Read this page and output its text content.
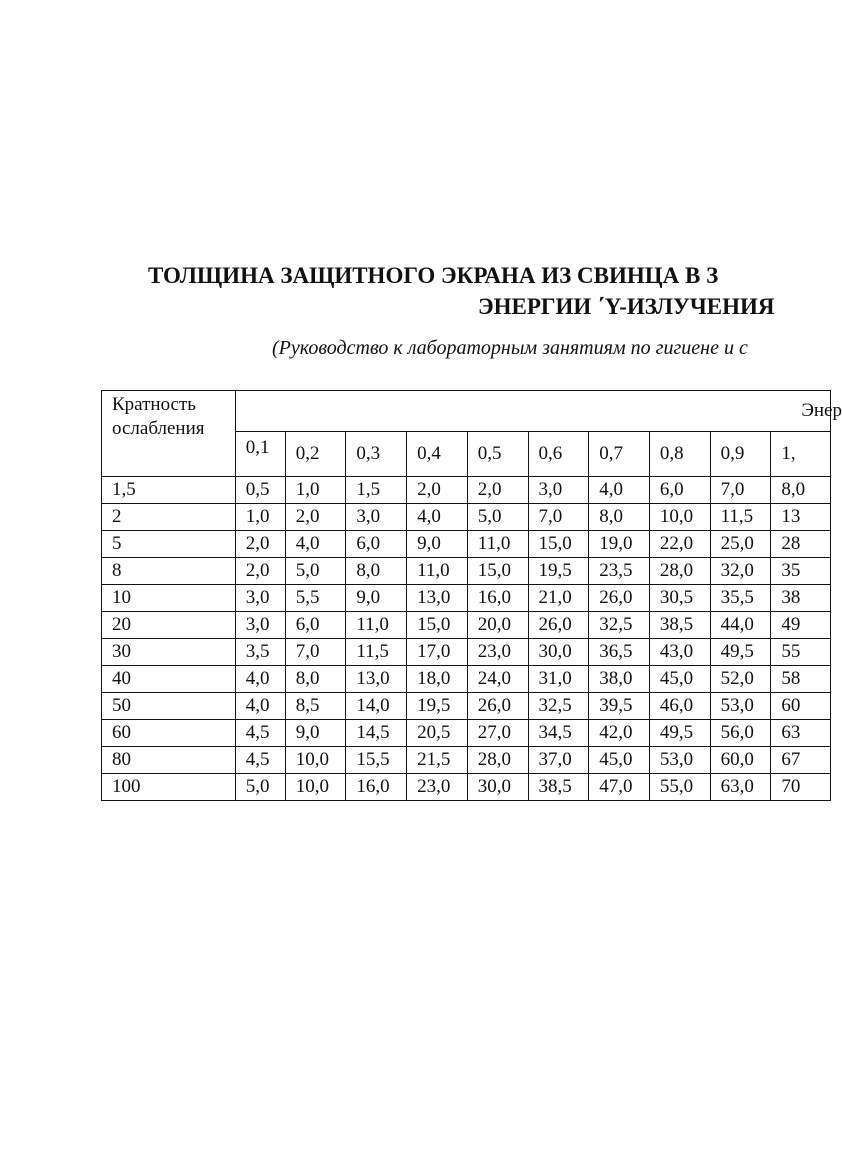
ТОЛЩИНА ЗАЩИТНОГО ЭКРАНА ИЗ СВИНЦА В З
ЭНЕРГИИ ΄Y-ИЗЛУЧЕНИЯ
(Руководство к лабораторным занятиям по гигиене и с
Кратность ослабления	Энер									
	0,1	0,2	0,3	0,4	0,5	0,6	0,7	0,8	0,9	1,
1,5	0,5	1,0	1,5	2,0	2,0	3,0	4,0	6,0	7,0	8,0
2	1,0	2,0	3,0	4,0	5,0	7,0	8,0	10,0	11,5	13
5	2,0	4,0	6,0	9,0	11,0	15,0	19,0	22,0	25,0	28
8	2,0	5,0	8,0	11,0	15,0	19,5	23,5	28,0	32,0	35
10	3,0	5,5	9,0	13,0	16,0	21,0	26,0	30,5	35,5	38
20	3,0	6,0	11,0	15,0	20,0	26,0	32,5	38,5	44,0	49
30	3,5	7,0	11,5	17,0	23,0	30,0	36,5	43,0	49,5	55
40	4,0	8,0	13,0	18,0	24,0	31,0	38,0	45,0	52,0	58
50	4,0	8,5	14,0	19,5	26,0	32,5	39,5	46,0	53,0	60
60	4,5	9,0	14,5	20,5	27,0	34,5	42,0	49,5	56,0	63
80	4,5	10,0	15,5	21,5	28,0	37,0	45,0	53,0	60,0	67
100	5,0	10,0	16,0	23,0	30,0	38,5	47,0	55,0	63,0	70
